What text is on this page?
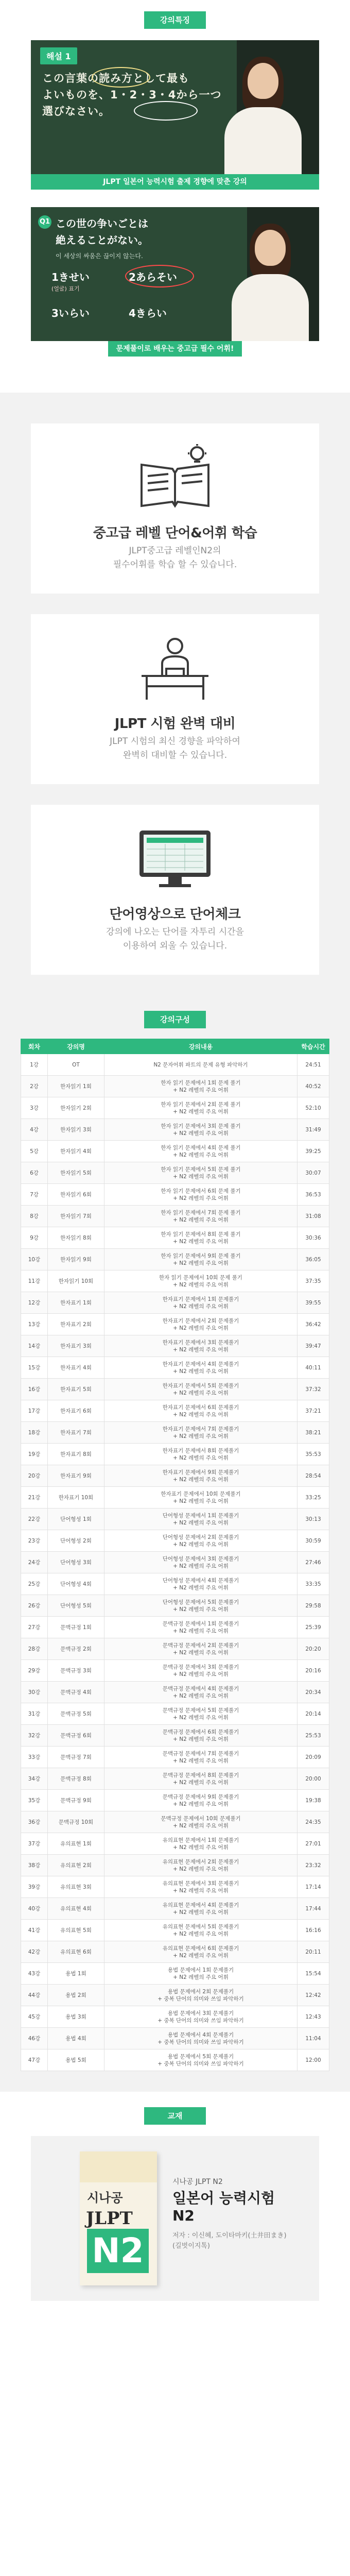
강의특징
해설 1
この言葉の読み方として最も
よいものを、1・2・3・4から一つ
選びなさい。
JLPT 일본어 능력시험 출제 경향에 맞춘 강의
Q1 この世の争いごとは
絶えることがない。
이 세상의 싸움은 끊이지 않는다.
1きせい
(얼굴) 표기
2あらそい
3いらい	4きらい
문제풀이로 배우는 중고급 필수 어휘!
중고급 레벨 단어&어휘 학습
JLPT중고급 레벨인N2의
필수어휘를 학습 할 수 있습니다.
JLPT 시험 완벽 대비
JLPT 시험의 최신 경향을 파악하여
완벽히 대비할 수 있습니다.
단어영상으로 단어체크
강의에 나오는 단어를 자투리 시간을
이용하여 외울 수 있습니다.
강의구성
회차	강의명	강의내용	학습시간
1강	OT	N2 문자어휘 파트의 문제 유형 파악하기	24:51
2강	한자읽기 1회	한자 읽기 문제에서 1회 문제 풀기
+ N2 레벨의 주요 어휘	40:52
3강	한자읽기 2회	한자 읽기 문제에서 2회 문제 풀기
+ N2 레벨의 주요 어휘	52:10
4강	한자읽기 3회	한자 읽기 문제에서 3회 문제 풀기
+ N2 레벨의 주요 어휘	31:49
5강	한자읽기 4회	한자 읽기 문제에서 4회 문제 풀기
+ N2 레벨의 주요 어휘	39:25
6강	한자읽기 5회	한자 읽기 문제에서 5회 문제 풀기
+ N2 레벨의 주요 어휘	30:07
7강	한자읽기 6회	한자 읽기 문제에서 6회 문제 풀기
+ N2 레벨의 주요 어휘	36:53
8강	한자읽기 7회	한자 읽기 문제에서 7회 문제 풀기
+ N2 레벨의 주요 어휘	31:08
9강	한자읽기 8회	한자 읽기 문제에서 8회 문제 풀기
+ N2 레벨의 주요 어휘	30:36
10강	한자읽기 9회	한자 읽기 문제에서 9회 문제 풀기
+ N2 레벨의 주요 어휘	36:05
11강	한자읽기 10회	한자 읽기 문제에서 10회 문제 풀기
+ N2 레벨의 주요 어휘	37:35
12강	한자표기 1회	한자표기 문제에서 1회 문제풀기
+ N2 레벨의 주요 어휘	39:55
13강	한자표기 2회	한자표기 문제에서 2회 문제풀기
+ N2 레벨의 주요 어휘	36:42
14강	한자표기 3회	한자표기 문제에서 3회 문제풀기
+ N2 레벨의 주요 어휘	39:47
15강	한자표기 4회	한자표기 문제에서 4회 문제풀기
+ N2 레벨의 주요 어휘	40:11
16강	한자표기 5회	한자표기 문제에서 5회 문제풀기
+ N2 레벨의 주요 어휘	37:32
17강	한자표기 6회	한자표기 문제에서 6회 문제풀기
+ N2 레벨의 주요 어휘	37:21
18강	한자표기 7회	한자표기 문제에서 7회 문제풀기
+ N2 레벨의 주요 어휘	38:21
19강	한자표기 8회	한자표기 문제에서 8회 문제풀기
+ N2 레벨의 주요 어휘	35:53
20강	한자표기 9회	한자표기 문제에서 9회 문제풀기
+ N2 레벨의 주요 어휘	28:54
21강	한자표기 10회	한자표기 문제에서 10회 문제풀기
+ N2 레벨의 주요 어휘	33:25
22강	단어형성 1회	단어형성 문제에서 1회 문제풀기
+ N2 레벨의 주요 어휘	30:13
23강	단어형성 2회	단어형성 문제에서 2회 문제풀기
+ N2 레벨의 주요 어휘	30:59
24강	단어형성 3회	단어형성 문제에서 3회 문제풀기
+ N2 레벨의 주요 어휘	27:46
25강	단어형성 4회	단어형성 문제에서 4회 문제풀기
+ N2 레벨의 주요 어휘	33:35
26강	단어형성 5회	단어형성 문제에서 5회 문제풀기
+ N2 레벨의 주요 어휘	29:58
27강	문맥규정 1회	문맥규정 문제에서 1회 문제풀기
+ N2 레벨의 주요 어휘	25:39
28강	문맥규정 2회	문맥규정 문제에서 2회 문제풀기
+ N2 레벨의 주요 어휘	20:20
29강	문맥규정 3회	문맥규정 문제에서 3회 문제풀기
+ N2 레벨의 주요 어휘	20:16
30강	문맥규정 4회	문맥규정 문제에서 4회 문제풀기
+ N2 레벨의 주요 어휘	20:34
31강	문맥규정 5회	문맥규정 문제에서 5회 문제풀기
+ N2 레벨의 주요 어휘	20:14
32강	문맥규정 6회	문맥규정 문제에서 6회 문제풀기
+ N2 레벨의 주요 어휘	25:53
33강	문맥규정 7회	문맥규정 문제에서 7회 문제풀기
+ N2 레벨의 주요 어휘	20:09
34강	문맥규정 8회	문맥규정 문제에서 8회 문제풀기
+ N2 레벨의 주요 어휘	20:00
35강	문맥규정 9회	문맥규정 문제에서 9회 문제풀기
+ N2 레벨의 주요 어휘	19:38
36강	문맥규정 10회	문맥규정 문제에서 10회 문제풀기
+ N2 레벨의 주요 어휘	24:35
37강	유의표현 1회	유의표현 문제에서 1회 문제풀기
+ N2 레벨의 주요 어휘	27:01
38강	유의표현 2회	유의표현 문제에서 2회 문제풀기
+ N2 레벨의 주요 어휘	23:32
39강	유의표현 3회	유의표현 문제에서 3회 문제풀기
+ N2 레벨의 주요 어휘	17:14
40강	유의표현 4회	유의표현 문제에서 4회 문제풀기
+ N2 레벨의 주요 어휘	17:44
41강	유의표현 5회	유의표현 문제에서 5회 문제풀기
+ N2 레벨의 주요 어휘	16:16
42강	유의표현 6회	유의표현 문제에서 6회 문제풀기
+ N2 레벨의 주요 어휘	20:11
43강	용법 1회	용법 문제에서 1회 문제풀기
+ N2 레벨의 주요 어휘	15:54
44강	용법 2회	용법 문제에서 2회 문제풀기
+ 중복 단어의 의미와 쓰임 파악하기	12:42
45강	용법 3회	용법 문제에서 3회 문제풀기
+ 중복 단어의 의미와 쓰임 파악하기	12:43
46강	용법 4회	용법 문제에서 4회 문제풀기
+ 중복 단어의 의미와 쓰임 파악하기	11:04
47강	용법 5회	용법 문제에서 5회 문제풀기
+ 중복 단어의 의미와 쓰임 파악하기	12:00
교재
시나공
JLPT
N2
시나공 JLPT N2
일본어 능력시험
N2
저자 : 이신혜, 도이타마키(土井田まき)
(길벗이지톡)
